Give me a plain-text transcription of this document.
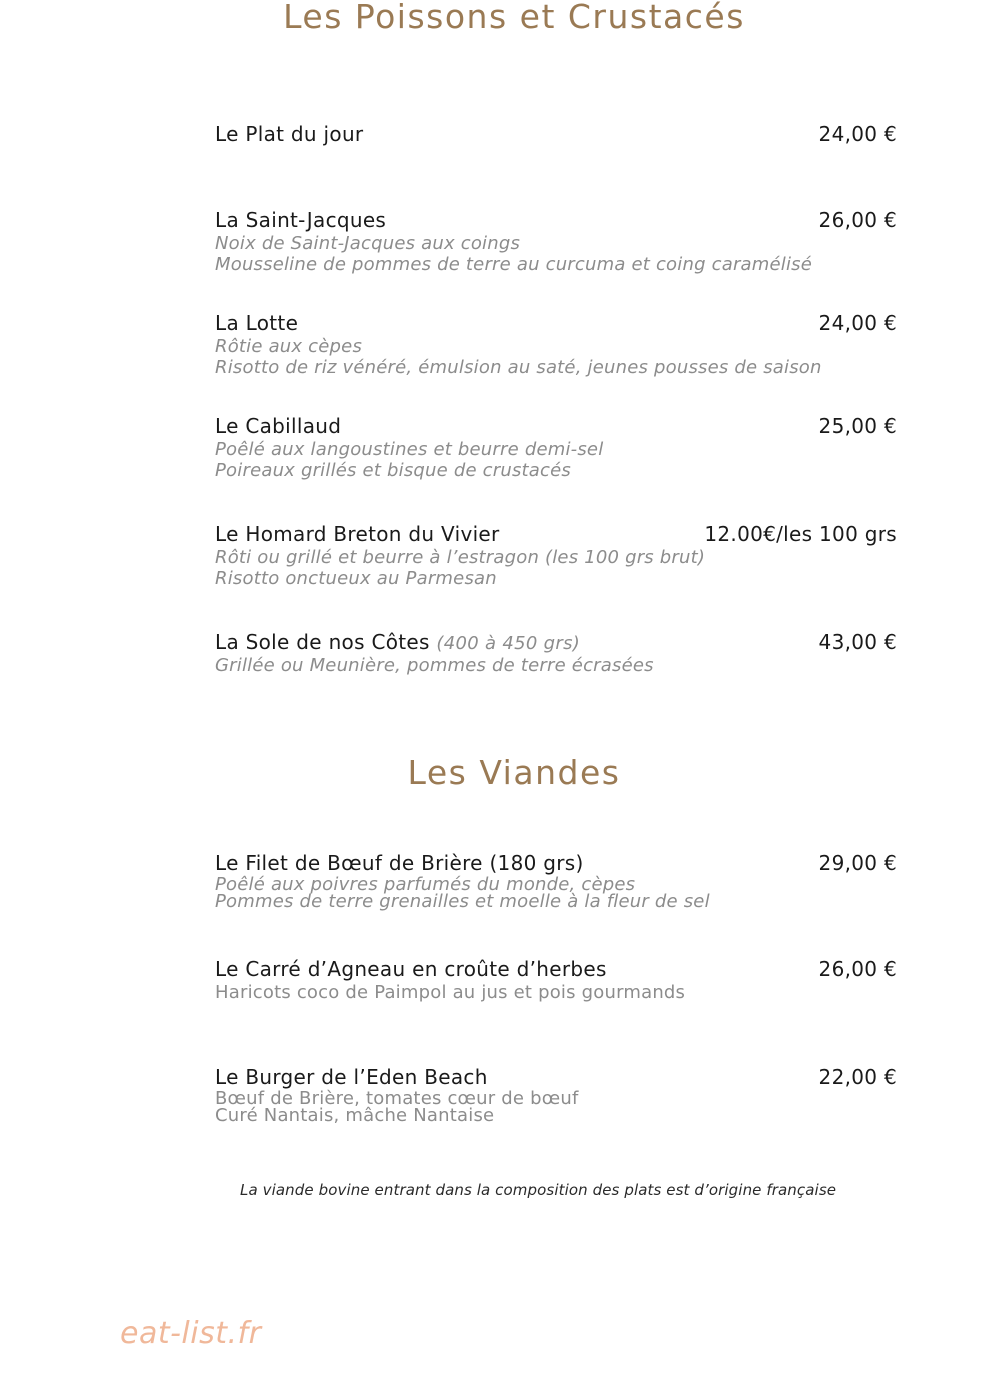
Les Poissons et Crustacés
Le Plat du jour	24,00 €
La Saint-Jacques	26,00 €
Noix de Saint-Jacques aux coings
Mousseline de pommes de terre au curcuma et coing caramélisé
La Lotte	24,00 €
Rôtie aux cèpes
Risotto de riz vénéré, émulsion au saté, jeunes pousses de saison
Le Cabillaud	25,00 €
Poêlé aux langoustines et beurre demi-sel
Poireaux grillés et bisque de crustacés
Le Homard Breton du Vivier	12.00€/les 100 grs
Rôti ou grillé et beurre à l’estragon (les 100 grs brut)
Risotto onctueux au Parmesan
La Sole de nos Côtes (400 à 450 grs)	43,00 €
Grillée ou Meunière, pommes de terre écrasées
Les Viandes
Le Filet de Bœuf de Brière (180 grs)	29,00 €
Poêlé aux poivres parfumés du monde, cèpes
Pommes de terre grenailles et moelle à la fleur de sel
Le Carré d’Agneau en croûte d’herbes	26,00 €
Haricots coco de Paimpol au jus et pois gourmands
Le Burger de l’Eden Beach	22,00 €
Bœuf de Brière, tomates cœur de bœuf
Curé Nantais, mâche Nantaise
La viande bovine entrant dans la composition des plats est d’origine française
eat-list.fr
